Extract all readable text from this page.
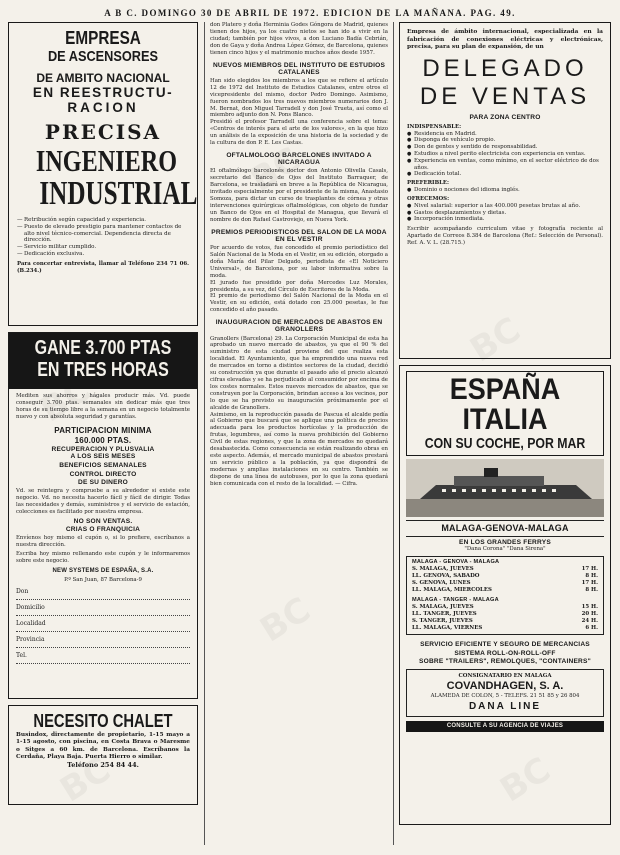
A B C. DOMINGO 30 DE ABRIL DE 1972. EDICION DE LA MAÑANA. PAG. 49.
EMPRESA
DE ASCENSORES
DE AMBITO NACIONAL
EN REESTRUCTU-
RACION
PRECISA
INGENIERO
INDUSTRIAL
— Retribución según capacidad y experiencia.
— Puesto de elevado prestigio para mantener contactos de alto nivel técnico-comercial. Dependencia directa de dirección.
— Servicio militar cumplido.
— Dedicación exclusiva.

Para concertar entrevista, llamar al Teléfono 234 71 06. (B.234.)

GANE 3.700 PTAS
EN TRES HORAS

Mediten sus ahorros y hágales producir más. Vd. puede conseguir 3.700 ptas. semanales sin dedicar más que tres horas de su tiempo libre a la semana en un negocio totalmente nuevo y con absoluta seguridad y garantías.

PARTICIPACION MINIMA
160.000 PTAS.
RECUPERACION Y PLUSVALIA
A LOS SEIS MESES
BENEFICIOS SEMANALES
CONTROL DIRECTO
DE SU DINERO

Vd. se reintegra y compruebe a su alrededor si existe este negocio. Vd. no necesita hacerlo fácil y fácil de dirigir. Todas las necesidades y demás, suministros y el servicio de estación, colecciones es facilitado por nuestra empresa.

NO SON VENTAS.
CRIAS O FRANQUICIA

Envíenos hoy mismo el cupón o, si lo prefiere, escríbanos a nuestra dirección.

Escriba hoy mismo rellenando este cupón y le informaremos sobre este negocio.

NEW SYSTEMS DE ESPAÑA, S.A.
P.º San Juan, 87 Barcelona-9
Don
Domicilio
Localidad
Provincia
Tel.
NECESITO CHALET

Busindox, directamente de propietario, 1-15 mayo a 1-15 agosto, con piscina, en Costa Brava o Maresme o Sitges a 60 km. de Barcelona. Escríbanos la Cerdaña, Playa Baja. Puerta Hierro o similar.

Teléfono 254 84 44.

don Platero y doña Herminia Godes Góngora de Madrid, quienes tienen dos hijos, ya los cuatro nietos se han ido a vivir en la ciudad; también por hijos vivos, a don Luciano Badía Cebrián, don de Gaya y doña Andrea López Gómez, de Barcelona, quienes tienen cinco hijos y el matrimonio muchos años desde 1957.

NUEVOS MIEMBROS DEL INSTITUTO DE ESTUDIOS CATALANES

Han sido elegidos los miembros a los que se refiere el artículo 12 de 1972 del Instituto de Estudios Catalanes, entre otros el vicepresidente del mismo, doctor Pedro Domingo. Asimismo, fueron nombrados los tres nuevos miembros numerarios don J. M. Bernat, don Miguel Tarradell y don José Trueta, así como el miembro adjunto don N. Pons Blanco.

Presidió el profesor Tarradell una conferencia sobre el tema: «Centros de interés para el arte de los valores», en la que hizo un análisis de la exposición de una historia de la sociedad y de la cultura de don P. E. Les Castas.

OFTALMOLOGO BARCELONES INVITADO A NICARAGUA

El oftalmólogo barcelonés doctor don Antonio Olivella Casals, secretario del Banco de Ojos del Instituto Barraquer, de Barcelona, se trasladará en breve a la República de Nicaragua, invitado especialmente por el presidente de la misma, Anastasio Somoza, para dictar un curso de trasplantes de córnea y otras intervenciones quirúrgicas oftalmológicas, con objeto de fundar un Banco de Ojos en el Hospital de Managua, que llevará el nombre de don Rafael Castroviejo, en Nueva York.

PREMIOS PERIODISTICOS DEL SALON DE LA MODA EN EL VESTIR

Por acuerdo de votos, fue concedido el premio periodístico del Salón Nacional de la Moda en el Vestir, en su edición, otorgado a doña María del Pilar Delgado, periodista de «El Noticiero Universal», de Barcelona, por su labor informativa sobre la moda.

El jurado fue presidido por doña Mercedes Luz Morales, presidenta, a su vez, del Círculo de Escritores de la Moda.

El premio de periodismo del Salón Nacional de la Moda en el Vestir, en su edición, está dotado con 25.000 pesetas, le fue concedido el año pasado.

INAUGURACION DE MERCADOS DE ABASTOS EN GRANOLLERS

Granollers (Barcelona) 29. La Corporación Municipal de esta ha aprobado un nuevo mercado de abastos, ya que el 90 % del suministro de esta ciudad proviene del que realiza esta localidad. El Ayuntamiento, que ha emprendido una nueva red de mercados en torno a distintos sectores de la ciudad, decidió su construcción ya que durante el pasado año el precio alcanzó cifras elevadas y se ha perjudicado al consumidor por encima de los costes normales. Estos nuevos mercados de abastos, que se construyen por la Corporación, brindan acceso a los vecinos, por lo que se ha previsto su inauguración próximamente por el alcalde de Granollers.

Asimismo, en la reproducción pasada de Pascua el alcalde pedía al Gobierno que buscará que se aplique una política de precios adecuada para los productos hortícolas y la producción de frutas, legumbres, así como la nueva prohibición del Gobierno Civil de estas regiones, y que la zona de mercados no quedará desabastecida. Como consecuencia se están realizando obras en este aspecto. Además, el mercado municipal de abastos prestará un servicio público a la población, ya que dispondrá de modernas y amplias instalaciones en su centro. También se dispone de una línea de autobuses, por lo que la zona quedará bien comunicada con el resto de la localidad. — Cifra.

Empresa de ámbito internacional, especializada en la fabricación de conexiones eléctricas y electrónicas, precisa, para su plan de expansión, de un

DELEGADO
DE VENTAS
PARA ZONA CENTRO
INDISPENSABLE:
● Residencia en Madrid.
● Disponga de vehículo propio.
● Don de gentes y sentido de responsabilidad.
● Estudios a nivel perito electricista con experiencia en ventas.
● Experiencia en ventas, como mínimo, en el sector eléctrico de dos años.
● Dedicación total.
PREFERIBLE:
● Dominio o nociones del idioma inglés.
OFRECEMOS:
● Nivel salarial: superior a las 400.000 pesetas brutas al año.
● Gastos desplazamientos y dietas.
● Incorporación inmediata.

Escribir acompañando curriculum vitae y fotografía reciente al Apartado de Correos 8.384 de Barcelona (Ref.: Selección de Personal). Ref. A. V. L. (28.715.)

ESPAÑA
ITALIA
CON SU COCHE, POR MAR
MALAGA-GENOVA-MALAGA
EN LOS GRANDES FERRYS
"Dana Corona" "Dana Sirena"
MALAGA - GENOVA - MALAGA
S. MALAGA, JUEVES	17 H.
LL. GENOVA, SABADO	8 H.
S. GENOVA, LUNES	17 H.
LL. MALAGA, MIERCOLES	8 H.
MALAGA - TANGER - MALAGA
S. MALAGA, JUEVES	15 H.
LL. TANGER, JUEVES	20 H.
S. TANGER, JUEVES	24 H.
LL. MALAGA, VIERNES	6 H.
SERVICIO EFICIENTE Y SEGURO DE MERCANCIAS
SISTEMA ROLL-ON-ROLL-OFF
SOBRE "TRAILERS", REMOLQUES, "CONTAINERS"
CONSIGNATARIO EN MALAGA
COVANDHAGEN, S. A.
ALAMEDA DE COLON, 5 - TELEFS. 21 51 85 y 26 804
DANA LINE
CONSULTE A SU AGENCIA DE VIAJES
